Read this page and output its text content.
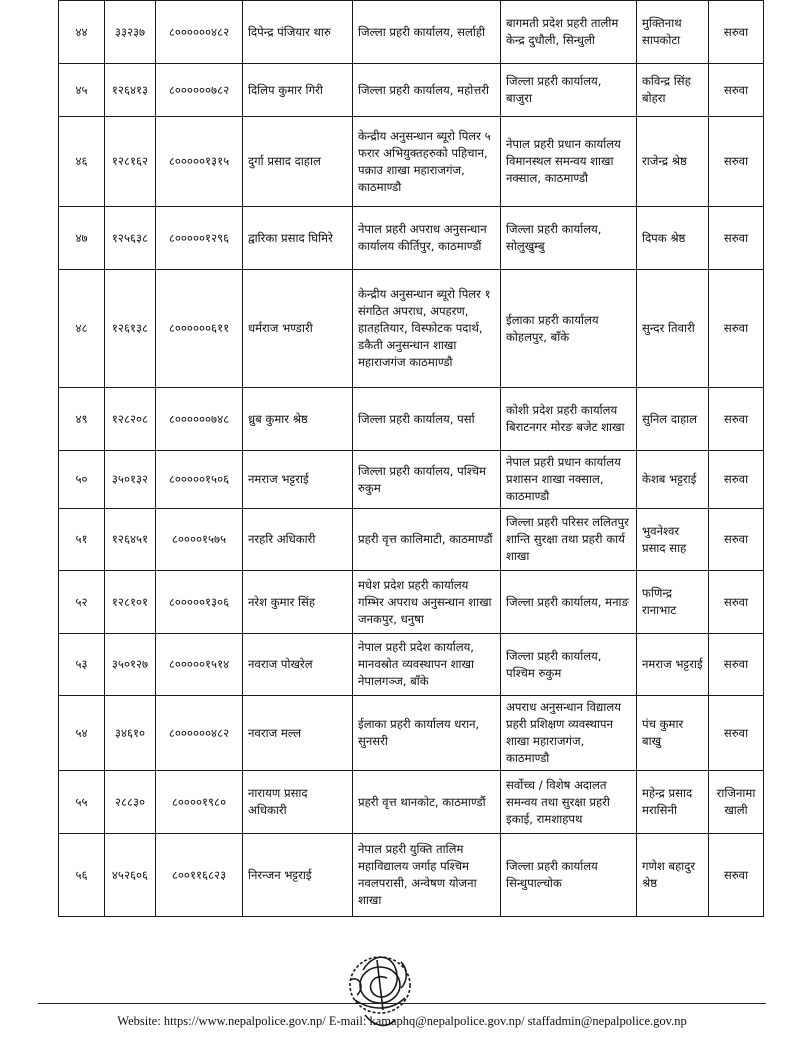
४४	३३२३७	८००००००४८२	दिपेन्द्र पंजियार थारु	जिल्ला प्रहरी कार्यालय, सर्लाही	बागमती प्रदेश प्रहरी तालीम केन्द्र दुधौली, सिन्धुली	मुक्तिनाथ सापकोटा	सरुवा
४५	१२६४१३	८००००००७८२	दिलिप कुमार गिरी	जिल्ला प्रहरी कार्यालय, महोत्तरी	जिल्ला प्रहरी कार्यालय, बाजुरा	कविन्द्र सिंह बोहरा	सरुवा
४६	१२८१६२	८०००००१३१५	दुर्गा प्रसाद दाहाल	केन्द्रीय अनुसन्धान ब्यूरो पिलर ५ फरार अभियुक्तहरुको पहिचान, पक्राउ शाखा महाराजगंज, काठमाण्डौ	नेपाल प्रहरी प्रधान कार्यालय विमानस्थल समन्वय शाखा नक्साल, काठमाण्डौ	राजेन्द्र श्रेष्ठ	सरुवा
४७	१२५६३८	८०००००१२९६	द्वारिका प्रसाद घिमिरे	नेपाल प्रहरी अपराध अनुसन्धान कार्यालय कीर्तिपुर, काठमाण्डौं	जिल्ला प्रहरी कार्यालय, सोलुखुम्बु	दिपक श्रेष्ठ	सरुवा
४८	१२६१३८	८००००००६११	धर्मराज भण्डारी	केन्द्रीय अनुसन्धान ब्यूरो पिलर १ संगठित अपराध, अपहरण, हातहतियार, विस्फोटक पदार्थ, डकैती अनुसन्धान शाखा महाराजगंज काठमाण्डौ	ईलाका प्रहरी कार्यालय कोहलपुर, बाँके	सुन्दर तिवारी	सरुवा
४९	१२८२०८	८००००००७४८	ध्रुब कुमार श्रेष्ठ	जिल्ला प्रहरी कार्यालय, पर्सा	कोशी प्रदेश प्रहरी कार्यालय बिराटनगर मोरङ बजेट शाखा	सुनिल दाहाल	सरुवा
५०	३५०१३२	८०००००१५०६	नमराज भट्टराई	जिल्ला प्रहरी कार्यालय, पश्चिम रुकुम	नेपाल प्रहरी प्रधान कार्यालय प्रशासन शाखा नक्साल, काठमाण्डौ	केशब भट्टराई	सरुवा
५१	१२६४५१	८००००१५७५	नरहरि अधिकारी	प्रहरी वृत्त कालिमाटी, काठमाण्डौं	जिल्ला प्रहरी परिसर ललितपुर शान्ति सुरक्षा तथा प्रहरी कार्य शाखा	भुवनेश्वर प्रसाद साह	सरुवा
५२	१२८१०१	८०००००१३०६	नरेश कुमार सिंह	मधेश प्रदेश प्रहरी कार्यालय गम्भिर अपराध अनुसन्धान शाखा जनकपुर, धनुषा	जिल्ला प्रहरी कार्यालय, मनाङ	फणिन्द्र रानाभाट	सरुवा
५३	३५०१२७	८०००००१५१४	नवराज पोखरेल	नेपाल प्रहरी प्रदेश कार्यालय, मानवस्रोत व्यवस्थापन शाखा नेपालगञ्ज, बाँके	जिल्ला प्रहरी कार्यालय, पश्चिम रुकुम	नमराज भट्टराई	सरुवा
५४	३४६१०	८००००००४८२	नवराज मल्ल	ईलाका प्रहरी कार्यालय धरान, सुनसरी	अपराध अनुसन्धान विद्यालय प्रहरी प्रशिक्षण व्यवस्थापन शाखा महाराजगंज, काठमाण्डौ	पंच कुमार बाखु	सरुवा
५५	२८८३०	८००००१९८०	नारायण प्रसाद अधिकारी	प्रहरी वृत्त थानकोट, काठमाण्डौं	सर्वोच्च / विशेष अदालत समन्वय तथा सुरक्षा प्रहरी इकाई, रामशाहपथ	महेन्द्र प्रसाद मरासिनी	राजिनामा खाली
५६	४५२६०६	८००११६८२३	निरन्जन भट्टराई	नेपाल प्रहरी युक्ति तालिम महाविद्यालय जर्गाह पश्चिम नवलपरासी, अन्वेषण योजना शाखा	जिल्ला प्रहरी कार्यालय सिन्धुपाल्चोक	गणेश बहादुर श्रेष्ठ	सरुवा
Website: https://www.nepalpolice.gov.np/ E-mail: kamaphq@nepalpolice.gov.np/ staffadmin@nepalpolice.gov.np
